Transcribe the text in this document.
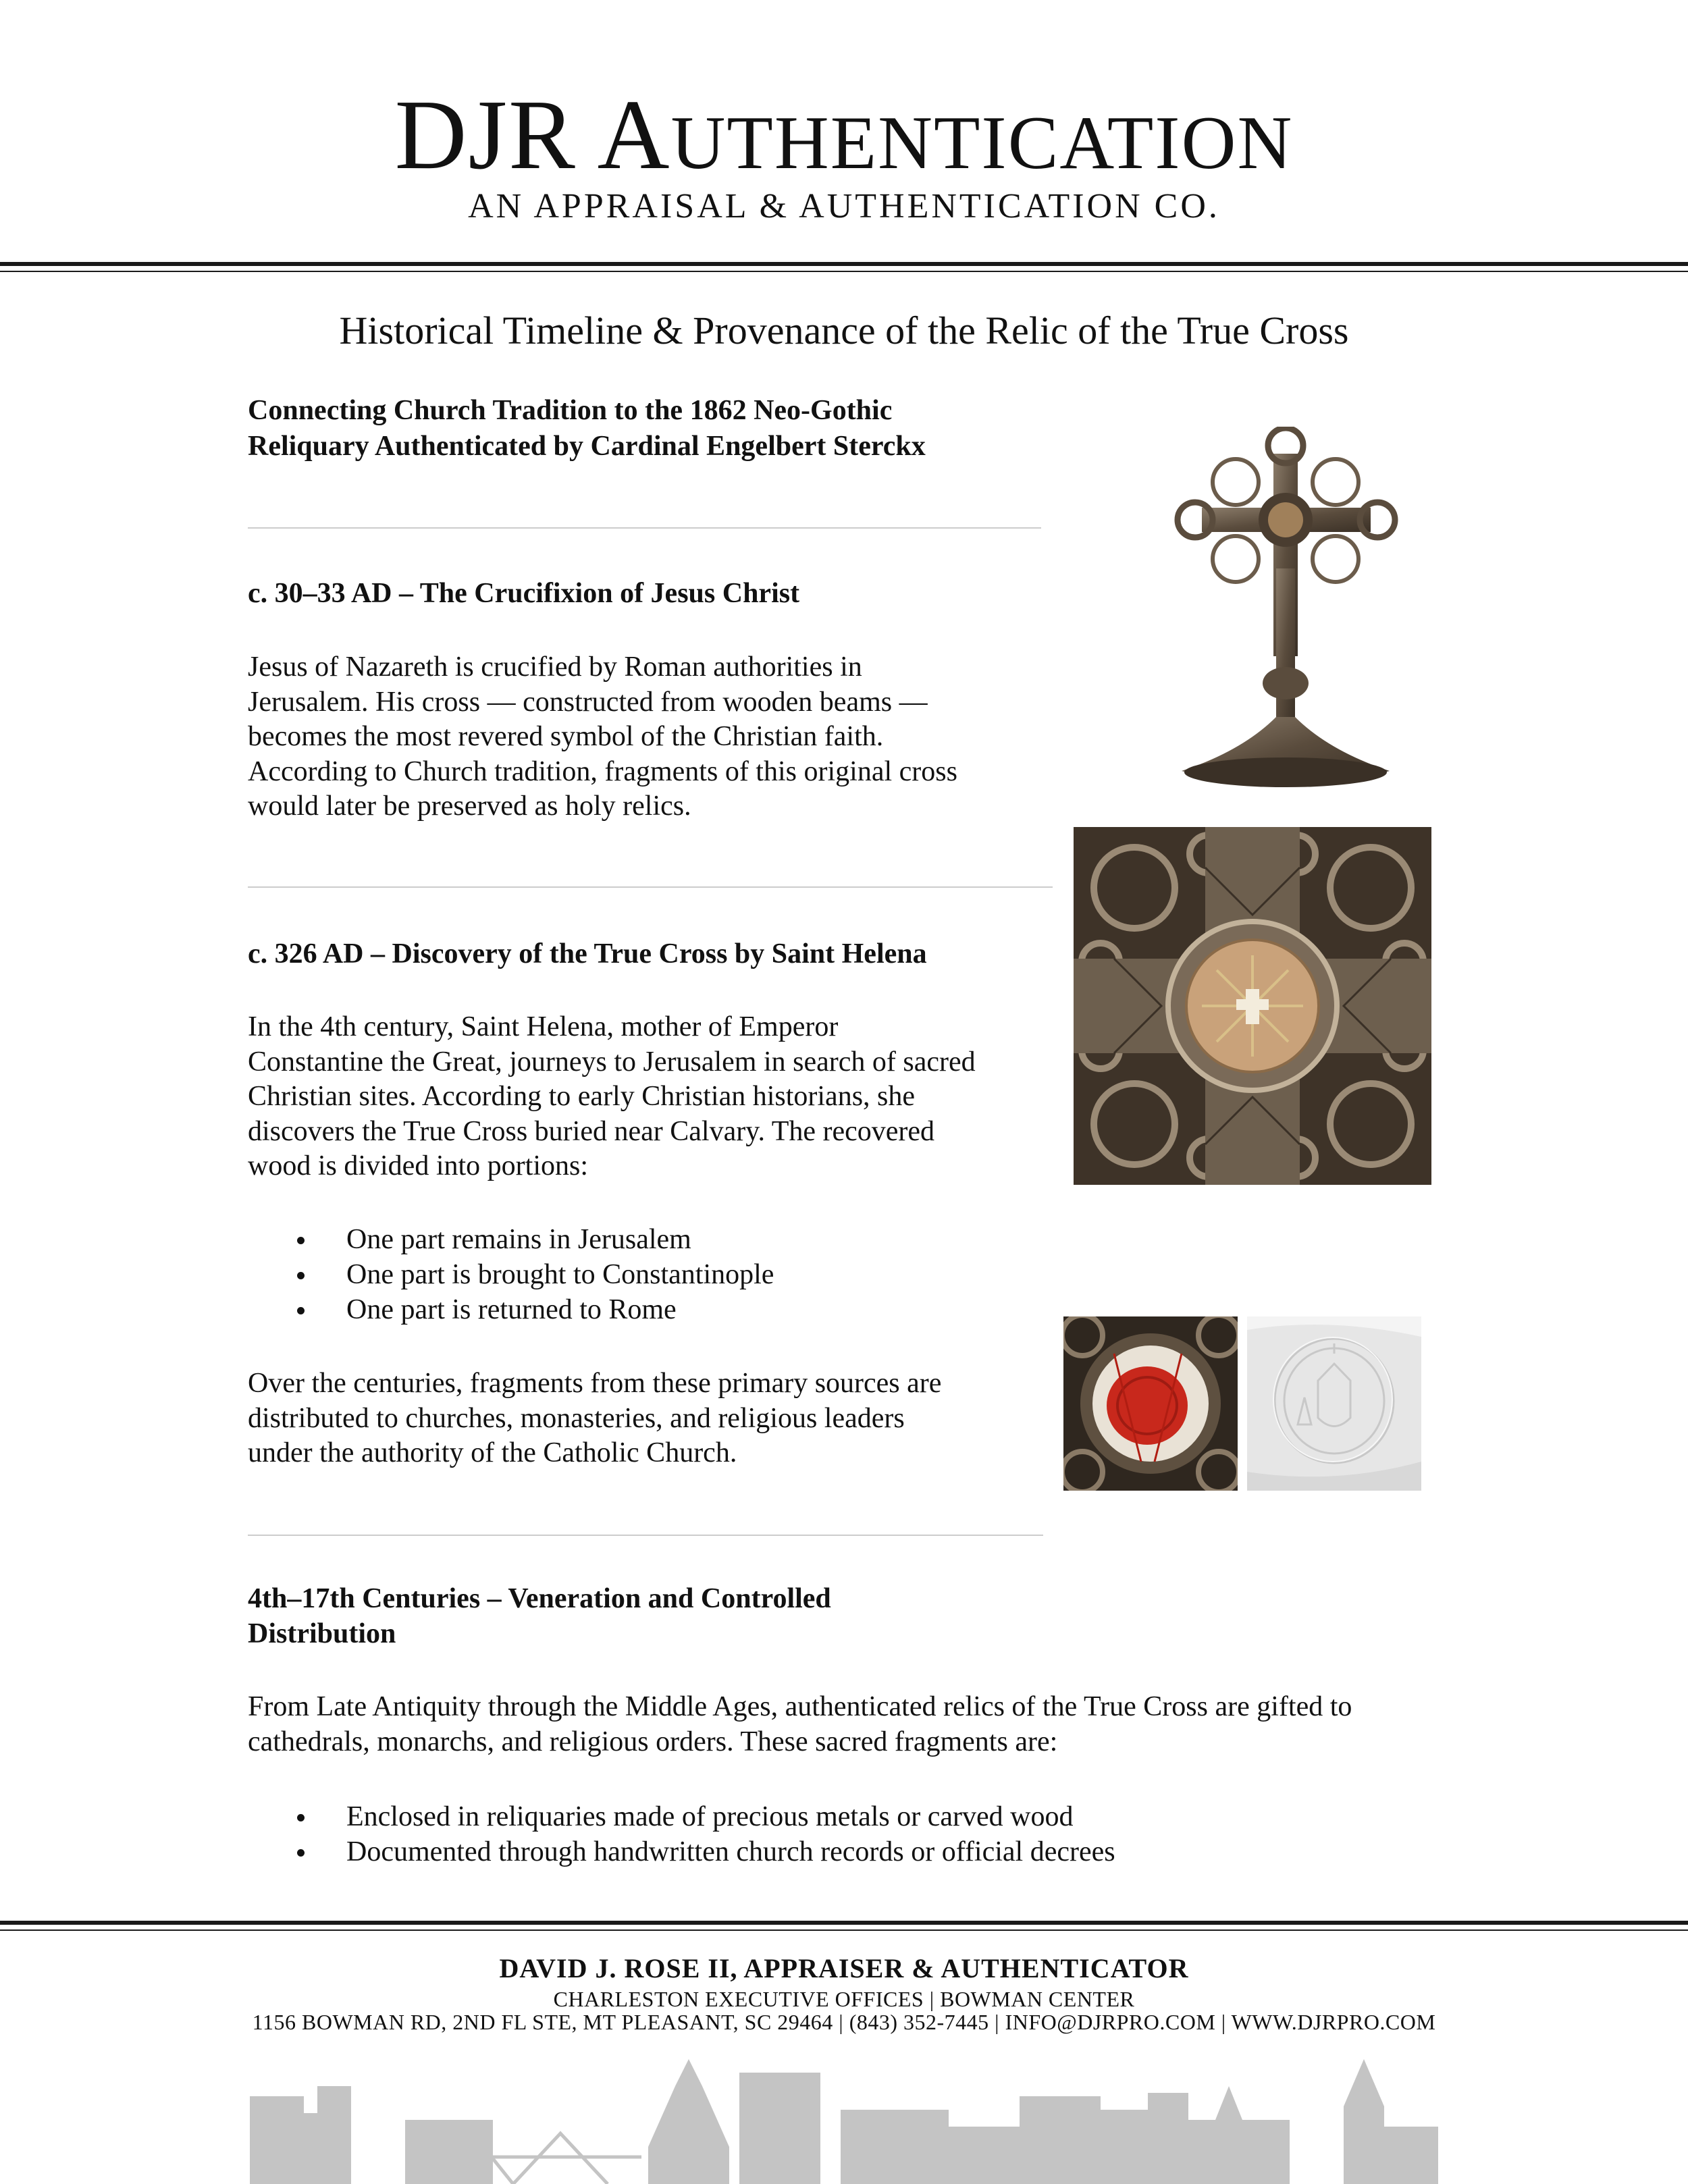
DJR AUTHENTICATION
AN APPRAISAL & AUTHENTICATION CO.
Historical Timeline & Provenance of the Relic of the True Cross
Connecting Church Tradition to the 1862 Neo-Gothic
Reliquary Authenticated by Cardinal Engelbert Sterckx
c. 30–33 AD – The Crucifixion of Jesus Christ
Jesus of Nazareth is crucified by Roman authorities in
Jerusalem. His cross — constructed from wooden beams —
becomes the most revered symbol of the Christian faith.
According to Church tradition, fragments of this original cross
would later be preserved as holy relics.
c. 326 AD – Discovery of the True Cross by Saint Helena
In the 4th century, Saint Helena, mother of Emperor
Constantine the Great, journeys to Jerusalem in search of sacred
Christian sites. According to early Christian historians, she
discovers the True Cross buried near Calvary. The recovered
wood is divided into portions:
One part remains in Jerusalem
One part is brought to Constantinople
One part is returned to Rome
Over the centuries, fragments from these primary sources are
distributed to churches, monasteries, and religious leaders
under the authority of the Catholic Church.
4th–17th Centuries – Veneration and Controlled
Distribution
From Late Antiquity through the Middle Ages, authenticated relics of the True Cross are gifted to
cathedrals, monarchs, and religious orders. These sacred fragments are:
Enclosed in reliquaries made of precious metals or carved wood
Documented through handwritten church records or official decrees
DAVID J. ROSE II, APPRAISER & AUTHENTICATOR
CHARLESTON EXECUTIVE OFFICES | BOWMAN CENTER
1156 BOWMAN RD, 2ND FL STE, MT PLEASANT, SC 29464 | (843) 352-7445 | INFO@DJRPRO.COM | WWW.DJRPRO.COM
